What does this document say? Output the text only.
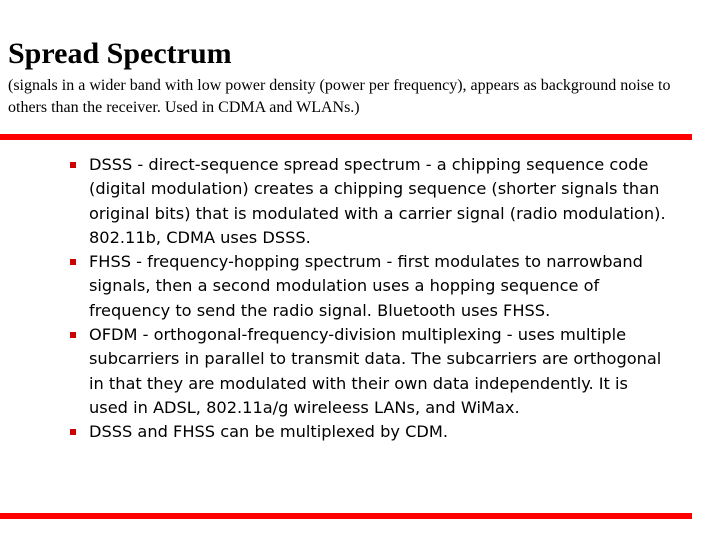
Spread Spectrum

(signals in a wider band with low power density (power per frequency), appears as background noise to others than the receiver. Used in CDMA and WLANs.)

DSSS - direct-sequence spread spectrum - a chipping sequence code (digital modulation) creates a chipping sequence (shorter signals than original bits) that is modulated with a carrier signal (radio modulation). 802.11b, CDMA uses DSSS.
FHSS - frequency-hopping spectrum - first modulates to narrowband signals, then a second modulation uses a hopping sequence of frequency to send the radio signal. Bluetooth uses FHSS.
OFDM - orthogonal-frequency-division multiplexing - uses multiple subcarriers in parallel to transmit data. The subcarriers are orthogonal in that they are modulated with their own data independently. It is used in ADSL, 802.11a/g wireleess LANs, and WiMax.
DSSS and FHSS can be multiplexed by CDM.
